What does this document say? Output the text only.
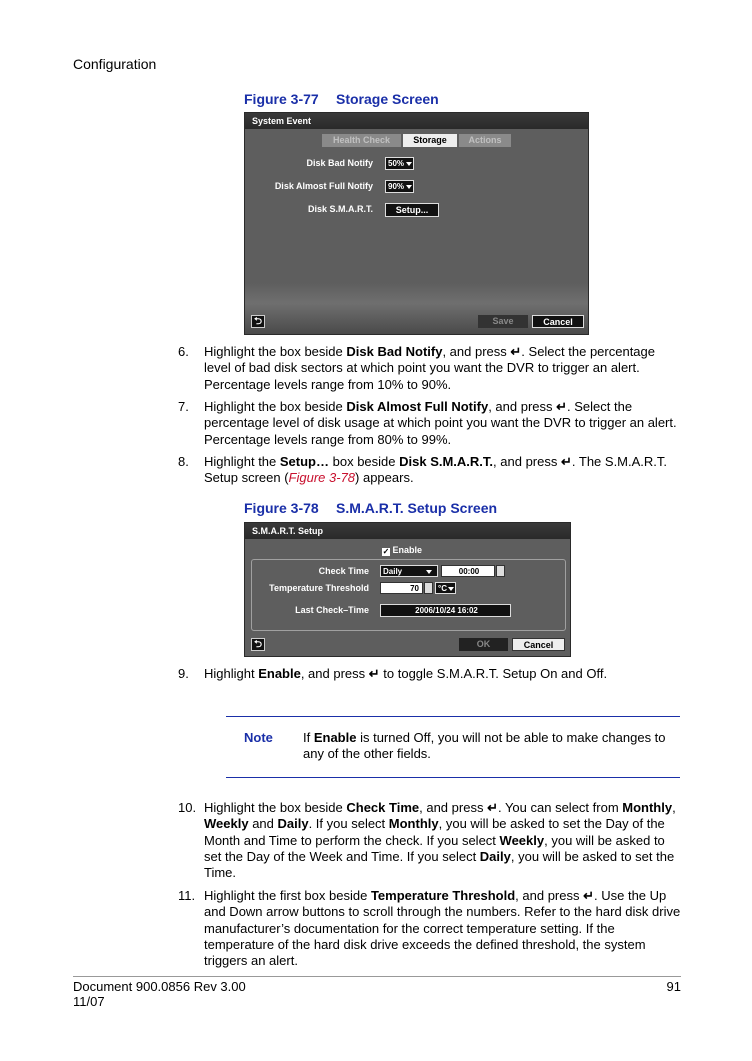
Configuration
Figure 3-77 Storage Screen
System Event
Health Check	Storage	Actions
Disk Bad Notify	50%
Disk Almost Full Notify	90%
Disk S.M.A.R.T.	Setup...
⮌	Save	Cancel
6. Highlight the box beside Disk Bad Notify, and press ↵. Select the percentage level of bad disk sectors at which point you want the DVR to trigger an alert. Percentage levels range from 10% to 90%.
7. Highlight the box beside Disk Almost Full Notify, and press ↵. Select the percentage level of disk usage at which point you want the DVR to trigger an alert. Percentage levels range from 80% to 99%.
8. Highlight the Setup… box beside Disk S.M.A.R.T., and press ↵. The S.M.A.R.T. Setup screen (Figure 3-78) appears.
Figure 3-78 S.M.A.R.T. Setup Screen
S.M.A.R.T. Setup
✓ Enable
Check Time	Daily	00:00
Temperature Threshold	70	°C
Last Check–Time	2006/10/24 16:02
⮌	OK	Cancel
9. Highlight Enable, and press ↵ to toggle S.M.A.R.T. Setup On and Off.
Note If Enable is turned Off, you will not be able to make changes to any of the other fields.
10. Highlight the box beside Check Time, and press ↵. You can select from Monthly, Weekly and Daily. If you select Monthly, you will be asked to set the Day of the Month and Time to perform the check. If you select Weekly, you will be asked to set the Day of the Week and Time. If you select Daily, you will be asked to set the Time.
11. Highlight the first box beside Temperature Threshold, and press ↵. Use the Up and Down arrow buttons to scroll through the numbers. Refer to the hard disk drive manufacturer’s documentation for the correct temperature setting. If the temperature of the hard disk drive exceeds the defined threshold, the system triggers an alert.
Document 900.0856 Rev 3.00
11/07
91
